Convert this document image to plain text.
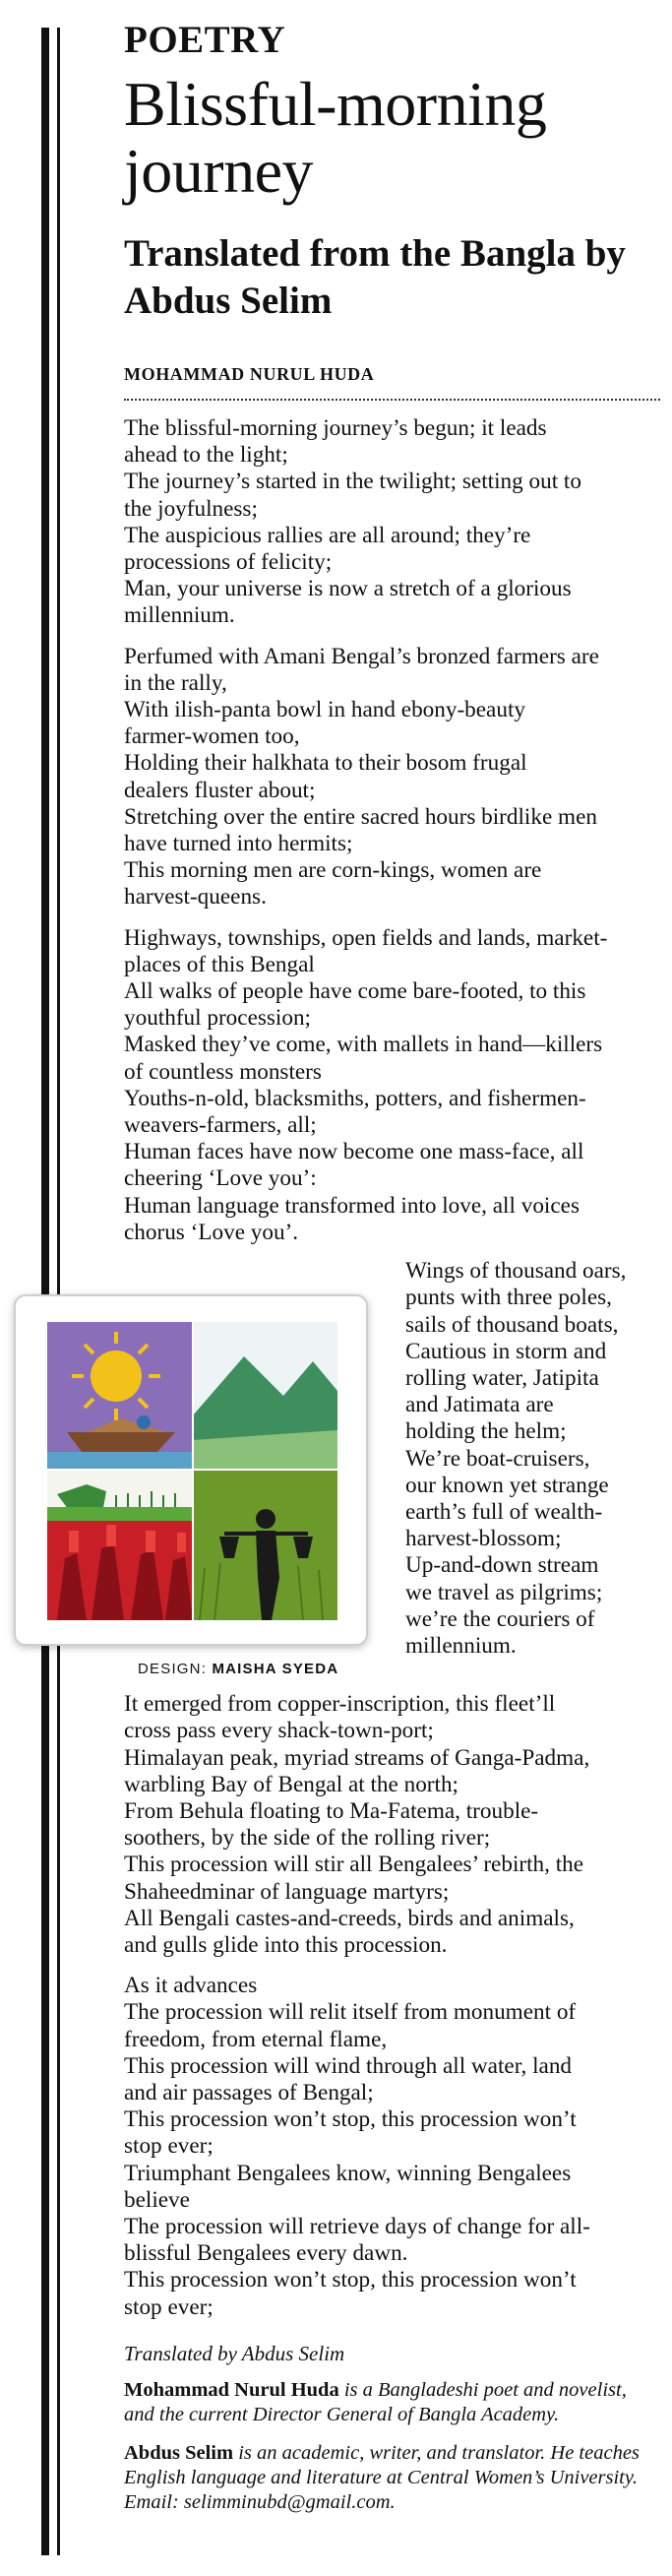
POETRY
Blissful-morning journey
Translated from the Bangla by Abdus Selim
MOHAMMAD NURUL HUDA

The blissful-morning journey’s begun; it leads
ahead to the light;
The journey’s started in the twilight; setting out to
the joyfulness;
The auspicious rallies are all around; they’re
processions of felicity;
Man, your universe is now a stretch of a glorious
millennium.

Perfumed with Amani Bengal’s bronzed farmers are
in the rally,
With ilish-panta bowl in hand ebony-beauty
farmer-women too,
Holding their halkhata to their bosom frugal
dealers fluster about;
Stretching over the entire sacred hours birdlike men
have turned into hermits;
This morning men are corn-kings, women are
harvest-queens.

Highways, townships, open fields and lands, market-
places of this Bengal
All walks of people have come bare-footed, to this
youthful procession;
Masked they’ve come, with mallets in hand—killers
of countless monsters
Youths-n-old, blacksmiths, potters, and fishermen-
weavers-farmers, all;
Human faces have now become one mass-face, all
cheering ‘Love you’:
Human language transformed into love, all voices
chorus ‘Love you’.

Wings of thousand oars,
punts with three poles,
sails of thousand boats,
Cautious in storm and
rolling water, Jatipita
and Jatimata are
holding the helm;
We’re boat-cruisers,
our known yet strange
earth’s full of wealth-
harvest-blossom;
Up-and-down stream
we travel as pilgrims;
we’re the couriers of
millennium.

It emerged from copper-inscription, this fleet’ll
cross pass every shack-town-port;
Himalayan peak, myriad streams of Ganga-Padma,
warbling Bay of Bengal at the north;
From Behula floating to Ma-Fatema, trouble-
soothers, by the side of the rolling river;
This procession will stir all Bengalees’ rebirth, the
Shaheedminar of language martyrs;
All Bengali castes-and-creeds, birds and animals,
and gulls glide into this procession.

As it advances
The procession will relit itself from monument of
freedom, from eternal flame,
This procession will wind through all water, land
and air passages of Bengal;
This procession won’t stop, this procession won’t
stop ever;
Triumphant Bengalees know, winning Bengalees
believe
The procession will retrieve days of change for all-
blissful Bengalees every dawn.
This procession won’t stop, this procession won’t
stop ever;

Translated by Abdus Selim
Mohammad Nurul Huda is a Bangladeshi poet and novelist, and the current Director General of Bangla Academy.
Abdus Selim is an academic, writer, and translator. He teaches English language and literature at Central Women’s University. Email: selimminubd@gmail.com.
DESIGN: MAISHA SYEDA
